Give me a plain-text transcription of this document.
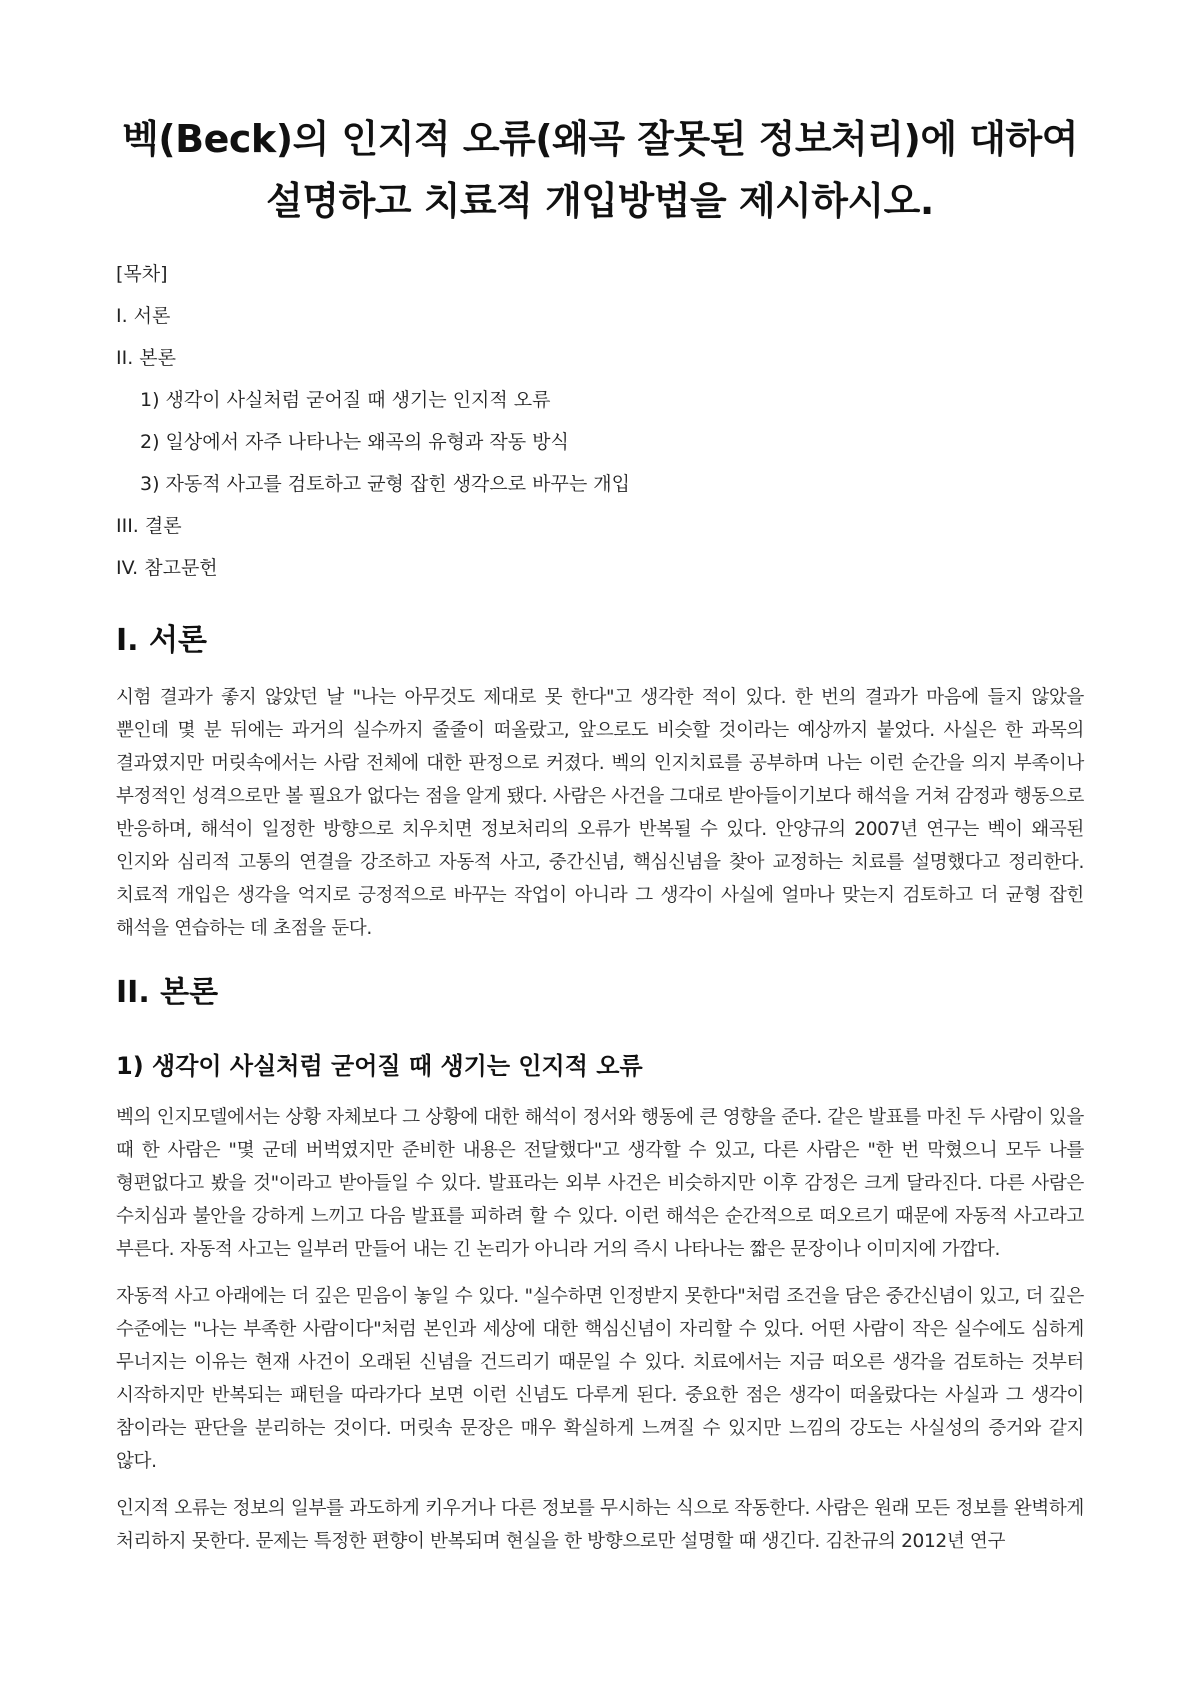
벡(Beck)의 인지적 오류(왜곡 잘못된 정보처리)에 대하여 설명하고 치료적 개입방법을 제시하시오.
[목차]
I. 서론
II. 본론
1) 생각이 사실처럼 굳어질 때 생기는 인지적 오류
2) 일상에서 자주 나타나는 왜곡의 유형과 작동 방식
3) 자동적 사고를 검토하고 균형 잡힌 생각으로 바꾸는 개입
III. 결론
IV. 참고문헌
I. 서론

시험 결과가 좋지 않았던 날 "나는 아무것도 제대로 못 한다"고 생각한 적이 있다. 한 번의 결과가 마음에 들지 않았을 뿐인데 몇 분 뒤에는 과거의 실수까지 줄줄이 떠올랐고, 앞으로도 비슷할 것이라는 예상까지 붙었다. 사실은 한 과목의 결과였지만 머릿속에서는 사람 전체에 대한 판정으로 커졌다. 벡의 인지치료를 공부하며 나는 이런 순간을 의지 부족이나 부정적인 성격으로만 볼 필요가 없다는 점을 알게 됐다. 사람은 사건을 그대로 받아들이기보다 해석을 거쳐 감정과 행동으로 반응하며, 해석이 일정한 방향으로 치우치면 정보처리의 오류가 반복될 수 있다. 안양규의 2007년 연구는 벡이 왜곡된 인지와 심리적 고통의 연결을 강조하고 자동적 사고, 중간신념, 핵심신념을 찾아 교정하는 치료를 설명했다고 정리한다. 치료적 개입은 생각을 억지로 긍정적으로 바꾸는 작업이 아니라 그 생각이 사실에 얼마나 맞는지 검토하고 더 균형 잡힌 해석을 연습하는 데 초점을 둔다.

II. 본론
1) 생각이 사실처럼 굳어질 때 생기는 인지적 오류

벡의 인지모델에서는 상황 자체보다 그 상황에 대한 해석이 정서와 행동에 큰 영향을 준다. 같은 발표를 마친 두 사람이 있을 때 한 사람은 "몇 군데 버벅였지만 준비한 내용은 전달했다"고 생각할 수 있고, 다른 사람은 "한 번 막혔으니 모두 나를 형편없다고 봤을 것"이라고 받아들일 수 있다. 발표라는 외부 사건은 비슷하지만 이후 감정은 크게 달라진다. 다른 사람은 수치심과 불안을 강하게 느끼고 다음 발표를 피하려 할 수 있다. 이런 해석은 순간적으로 떠오르기 때문에 자동적 사고라고 부른다. 자동적 사고는 일부러 만들어 내는 긴 논리가 아니라 거의 즉시 나타나는 짧은 문장이나 이미지에 가깝다.

자동적 사고 아래에는 더 깊은 믿음이 놓일 수 있다. "실수하면 인정받지 못한다"처럼 조건을 담은 중간신념이 있고, 더 깊은 수준에는 "나는 부족한 사람이다"처럼 본인과 세상에 대한 핵심신념이 자리할 수 있다. 어떤 사람이 작은 실수에도 심하게 무너지는 이유는 현재 사건이 오래된 신념을 건드리기 때문일 수 있다. 치료에서는 지금 떠오른 생각을 검토하는 것부터 시작하지만 반복되는 패턴을 따라가다 보면 이런 신념도 다루게 된다. 중요한 점은 생각이 떠올랐다는 사실과 그 생각이 참이라는 판단을 분리하는 것이다. 머릿속 문장은 매우 확실하게 느껴질 수 있지만 느낌의 강도는 사실성의 증거와 같지 않다.

인지적 오류는 정보의 일부를 과도하게 키우거나 다른 정보를 무시하는 식으로 작동한다. 사람은 원래 모든 정보를 완벽하게 처리하지 못한다. 문제는 특정한 편향이 반복되며 현실을 한 방향으로만 설명할 때 생긴다. 김찬규의 2012년 연구
